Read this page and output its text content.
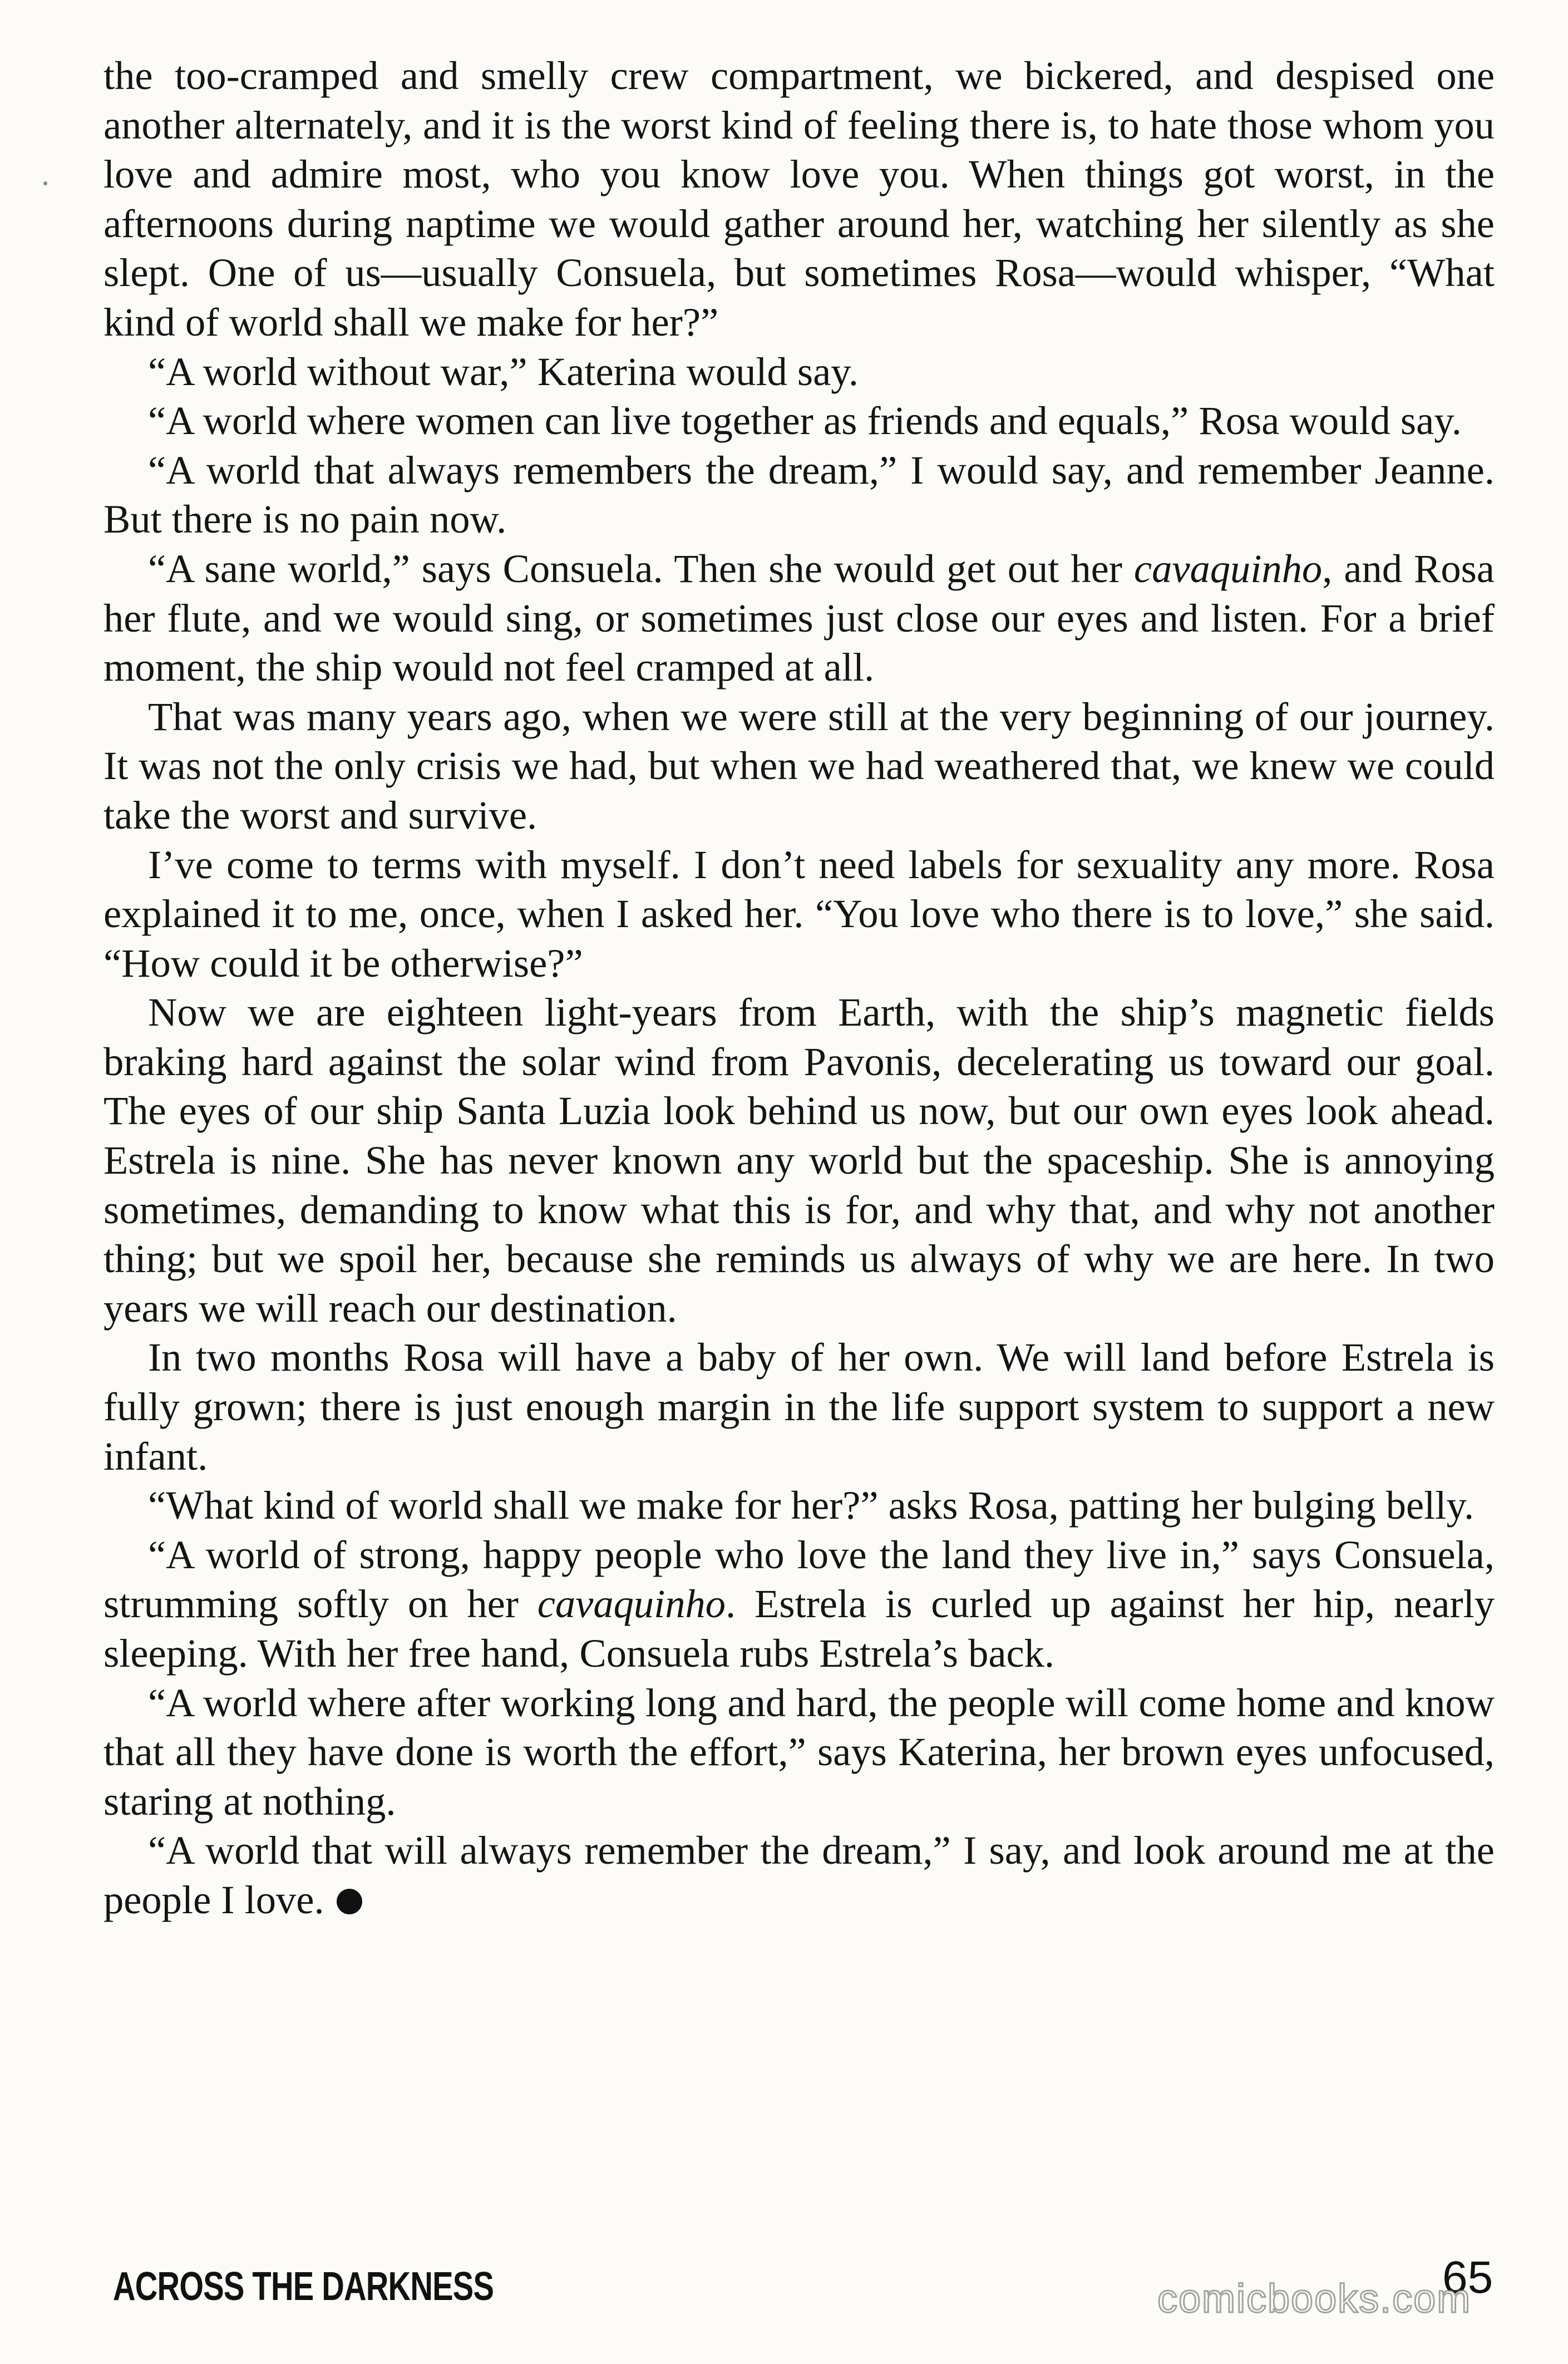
the too-cramped and smelly crew compartment, we bickered, and despised one another alternately, and it is the worst kind of feeling there is, to hate those whom you love and admire most, who you know love you. When things got worst, in the afternoons during naptime we would gather around her, watching her silently as she slept. One of us—usually Consuela, but sometimes Rosa—would whisper, “What kind of world shall we make for her?”

“A world without war,” Katerina would say.

“A world where women can live together as friends and equals,” Rosa would say.

“A world that always remembers the dream,” I would say, and remember Jeanne. But there is no pain now.

“A sane world,” says Consuela. Then she would get out her cavaquinho, and Rosa her flute, and we would sing, or sometimes just close our eyes and listen. For a brief moment, the ship would not feel cramped at all.

That was many years ago, when we were still at the very beginning of our journey. It was not the only crisis we had, but when we had weathered that, we knew we could take the worst and survive.

I’ve come to terms with myself. I don’t need labels for sexuality any more. Rosa explained it to me, once, when I asked her. “You love who there is to love,” she said. “How could it be otherwise?”

Now we are eighteen light-years from Earth, with the ship’s magnetic fields braking hard against the solar wind from Pavonis, decelerating us toward our goal. The eyes of our ship Santa Luzia look behind us now, but our own eyes look ahead. Estrela is nine. She has never known any world but the spaceship. She is annoying sometimes, demanding to know what this is for, and why that, and why not another thing; but we spoil her, because she reminds us always of why we are here. In two years we will reach our destination.

In two months Rosa will have a baby of her own. We will land before Estrela is fully grown; there is just enough margin in the life support system to support a new infant.

“What kind of world shall we make for her?” asks Rosa, patting her bulging belly.

“A world of strong, happy people who love the land they live in,” says Consuela, strumming softly on her cavaquinho. Estrela is curled up against her hip, nearly sleeping. With her free hand, Consuela rubs Estrela’s back.

“A world where after working long and hard, the people will come home and know that all they have done is worth the effort,” says Katerina, her brown eyes unfocused, staring at nothing.

“A world that will always remember the dream,” I say, and look around me at the people I love.

ACROSS THE DARKNESS	65
comicbooks.com
